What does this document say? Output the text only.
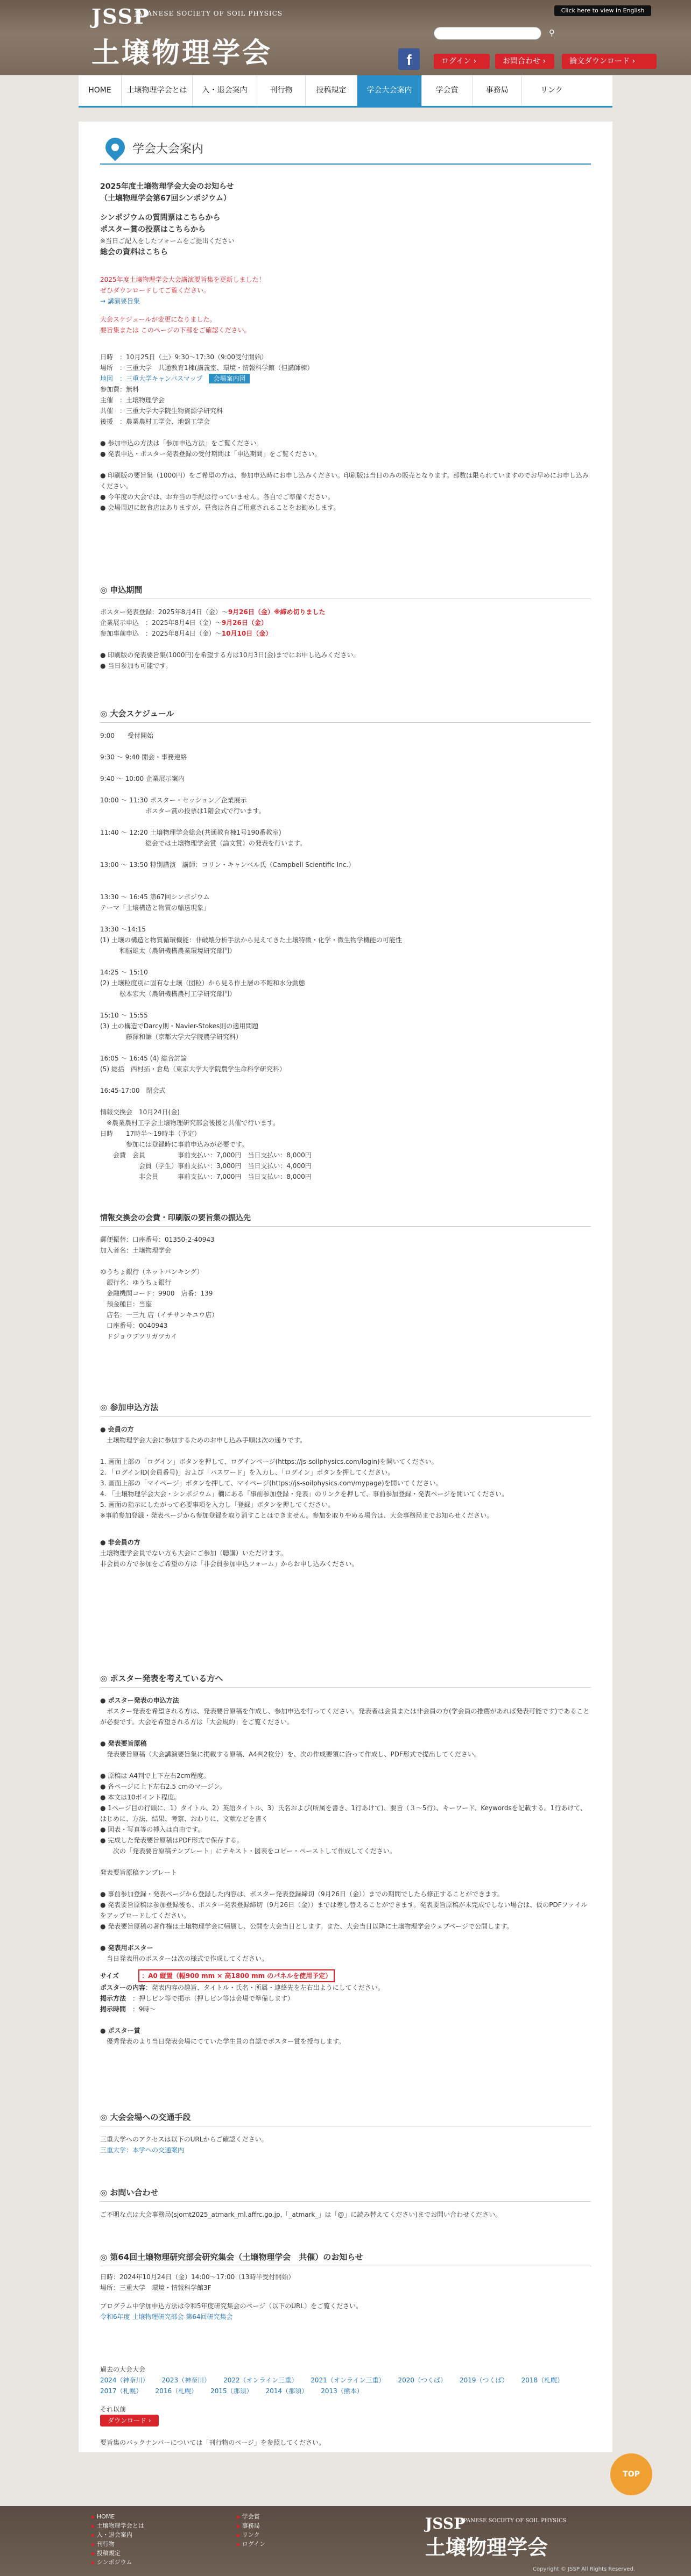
JSSP
JAPANESE SOCIETY OF SOIL PHYSICS
土壌物理学会
Click here to view in English
⚲
f	ログイン ›	お問合わせ ›	論文ダウンロード ›
HOME	土壌物理学会とは	入・退会案内	刊行物	投稿規定	学会大会案内	学会賞	事務局	リンク
学会大会案内
2025年度土壌物理学会大会のお知らせ
（土壌物理学会第67回シンポジウム）
シンポジウムの質問票はこちらから
ポスター賞の投票はこちらから
※当日ご記入をしたフォームをご提出ください
総会の資料はこちら
2025年度土壌物理学会大会講演要旨集を更新しました！
ぜひダウンロードしてご覧ください。
→ 講演要旨集
大会スケジュールが変更になりました。
要旨集または このページの下部をご確認ください。
日時　：10月25日（土）9:30〜17:30（9:00受付開始）
場所　：三重大学　共通教育1棟(講義室、環境・情報科学館（但講師棟）
地図　：三重大学キャンパスマップ　 会場案内図
参加費：無料
主催　：土壌物理学会
共催　：三重大学大学院生物資源学研究科
後援　：農業農村工学会、地盤工学会
● 参加申込の方法は「参加申込方法」をご覧ください。
● 発表申込・ポスター発表登録の受付期間は「申込期間」をご覧ください。
● 印刷版の要旨集（1000円）をご希望の方は、参加申込時にお申し込みください。印刷版は当日のみの販売となります。部数は限られていますのでお早めにお申し込みください。
● 今年度の大会では、お弁当の手配は行っていません。各自でご準備ください。
● 会場周辺に飲食店はありますが、昼食は各自ご用意されることをお勧めします。
◎ 申込期間
ポスター発表登録：2025年8月4日（金）〜9月26日（金）※締め切りました
企業展示申込　：2025年8月4日（金）〜9月26日（金）
参加事前申込　：2025年8月4日（金）〜10月10日（金）
● 印刷版の発表要旨集(1000円)を希望する方は10月3日(金)までにお申し込みください。
● 当日参加も可能です。
◎ 大会スケジュール
9:00　　受付開始

9:30 〜 9:40 開会・事務連絡

9:40 〜 10:00 企業展示案内

10:00 〜 11:30 ポスター・セッション／企業展示
　　　　　　　ポスター賞の投票は1階会式で行います。

11:40 〜 12:20 土壌物理学会総会(共通教育棟1号190番教室)
　　　　　　　総会では土壌物理学会賞（論文賞）の発表を行います。

13:00 〜 13:50 特別講演　講師：コリン・キャンベル氏（Campbell Scientific Inc.）

13:30 〜 16:45 第67回シンポジウム
テーマ「土壌構造と物質の輸送現象」

13:30 〜14:15
(1) 土壌の構造と物質循環機能：非破壊分析手法から見えてきた土壌特徴・化学・微生物学機能の可能性
　　　和脳雄太（農研機構農業環境研究部門）

14:25 〜 15:10
(2) 土壌粒度別に固有な土壌（団粒）から見る作土層の不飽和水分動態
　　　松本宏大（農研機構農村工学研究部門）

15:10 〜 15:55
(3) 土の構造でDarcy則・Navier-Stokes則の適用問題
　　　　藤澤和謙（京都大学大学院農学研究科）

16:05 〜 16:45 (4) 総合討論
(5) 総括　西村拓・倉島（東京大学大学院農学生命科学研究科）

16:45-17:00　閉会式

情報交換会　10月24日(金)
　※農業農村工学会土壌物理研究部会後援と共催で行います。
日時　　17時半〜19時半（予定）
　　　　参加には登録時に事前申込みが必要です。
　　会費　会員　　　　　事前支払い：7,000円　当日支払い：8,000円
　　　　　　会員（学生）事前支払い：3,000円　当日支払い：4,000円
　　　　　　非会員　　　事前支払い：7,000円　当日支払い：8,000円
情報交換会の会費・印刷版の要旨集の振込先
郵便振替：口座番号：01350-2-40943
加入者名：土壌物理学会

ゆうちょ銀行（ネットバンキング）
　銀行名：ゆうちょ銀行
　金融機関コード：9900　店番：139
　預金種目：当座
　店名：一三九 店（イチサンキユウ店）
　口座番号：0040943
　ドジョウブツリガツカイ
◎ 参加申込方法
● 会員の方
　土壌物理学会大会に参加するためのお申し込み手順は次の通りです。

1. 画面上部の「ログイン」ボタンを押して、ログインページ(https://js-soilphysics.com/login)を開いてください。
2. 「ログインID(会員番号)」および「パスワード」を入力し、「ログイン」ボタンを押してください。
3. 画面上部の「マイページ」ボタンを押して、マイページ(https://js-soilphysics.com/mypage)を開いてください。
4. 「土壌物理学会大会・シンポジウム」欄にある「事前参加登録・発表」のリンクを押して、事前参加登録・発表ページを開いてください。
5. 画面の指示にしたがって必要事項を入力し「登録」ボタンを押してください。
※事前参加登録・発表ページから参加登録を取り消すことはできません。参加を取りやめる場合は、大会事務局までお知らせください。
● 非会員の方
土壌物理学会員でない方も大会にご参加（聴講）いただけます。
非会員の方で参加をご希望の方は「非会員参加申込フォーム」からお申し込みください。
◎ ポスター発表を考えている方へ
● ポスター発表の申込方法
　ポスター発表を希望される方は、発表要旨原稿を作成し、参加申込を行ってください。発表者は会員または非会員の方(学会員の推薦があれば発表可能です)であることが必要です。大会を希望される方は「大会規約」をご覧ください。
● 発表要旨原稿
　発表要旨原稿（大会講演要旨集に掲載する原稿、A4判2枚分）を、次の作成要領に沿って作成し、PDF形式で提出してください。

● 原稿は A4判で上下左右2cm程度。
● 各ページに上下左右2.5 cmのマージン。
● 本文は10ポイント程度。
● 1ページ目の行頭に、1）タイトル、2）英語タイトル、3）氏名および(所属を書き、1行あけて)、要旨（３〜5行）、キーワード、Keywordsを記載する。1行あけて、はじめに、方法、結果、考察、おわりに、文献などを書く
● 図表・写真等の挿入は自由です。
● 完成した発表要旨原稿はPDF形式で保存する。
　　次の「発表要旨原稿テンプレート」にテキスト・図表をコピー・ペーストして作成してください。

発表要旨原稿テンプレート

● 事前参加登録・発表ページから登録した内容は、ポスター発表登録締切（9月26日（金））までの期間でしたら修正することができます。
● 発表要旨原稿は参加登録後も、ポスター発表登録締切（9月26日（金））までは差し替えることができます。発表要旨原稿が未完成でしない場合は、仮のPDFファイルをアップロードしてください。
● 発表要旨原稿の著作権は土壌物理学会に帰属し、公開を大会当日とします。また、大会当日以降に土壌物理学会ウェブページで公開します。
● 発表用ポスター
　当日発表用のポスターは次の様式で作成してください。
サイズ　　　	：A0 縦置（幅900 mm × 高1800 mm のパネルを使用予定）
ポスターの内容：発表内容の趣旨、タイトル・氏名・所属・連絡先を左右出ようにしてください。
掲示方法　 ：押しピン等で掲示（押しピン等は会場で準備します）
掲示時間　 ：9時〜
● ポスター賞
　優秀発表のより当日発表会場にてていた学生員の自認でポスター賞を授与します。
◎ 大会会場への交通手段
三重大学へのアクセスは以下のURLからご確認ください。
三重大学：本学への交通案内
◎ お問い合わせ
ご不明な点は大会事務局(sjomt2025_atmark_ml.affrc.go.jp,「_atmark_」は「@」に読み替えてください)までお問い合わせください。
◎ 第64回土壌物理研究部会研究集会（土壌物理学会　共催）のお知らせ
日時：2024年10月24日（金）14:00〜17:00（13時半受付開始）
場所：三重大学　環境・情報科学館3F
プログラム中学加申込方法は令和5年度研究集会のページ（以下のURL）をご覧ください。
令和6年度 土壌物理研究部会 第64回研究集会
過去の大会大会
2024（神奈川） 2023（神奈川） 2022（オンライン三重） 2021（オンライン三重） 2020（つくば） 2019（つくば） 2018（札幌）2017（札幌） 2016（札幌） 2015（那須） 2014（那須） 2013（熊本）
それ以前
ダウンロード ›
要旨集のバックナンバーについては「刊行物のページ」を参照してください。
TOP
▶ HOME
▶ 土壌物理学会とは
▶ 入・退会案内
▶ 刊行物
▶ 投稿規定
▶ シンポジウム
▶ 学会賞
▶ 事務局
▶ リンク
▶ ログイン
JSSP
JAPANESE SOCIETY OF SOIL PHYSICS
土壌物理学会
Copyright © JSSP All Rights Reserved.
